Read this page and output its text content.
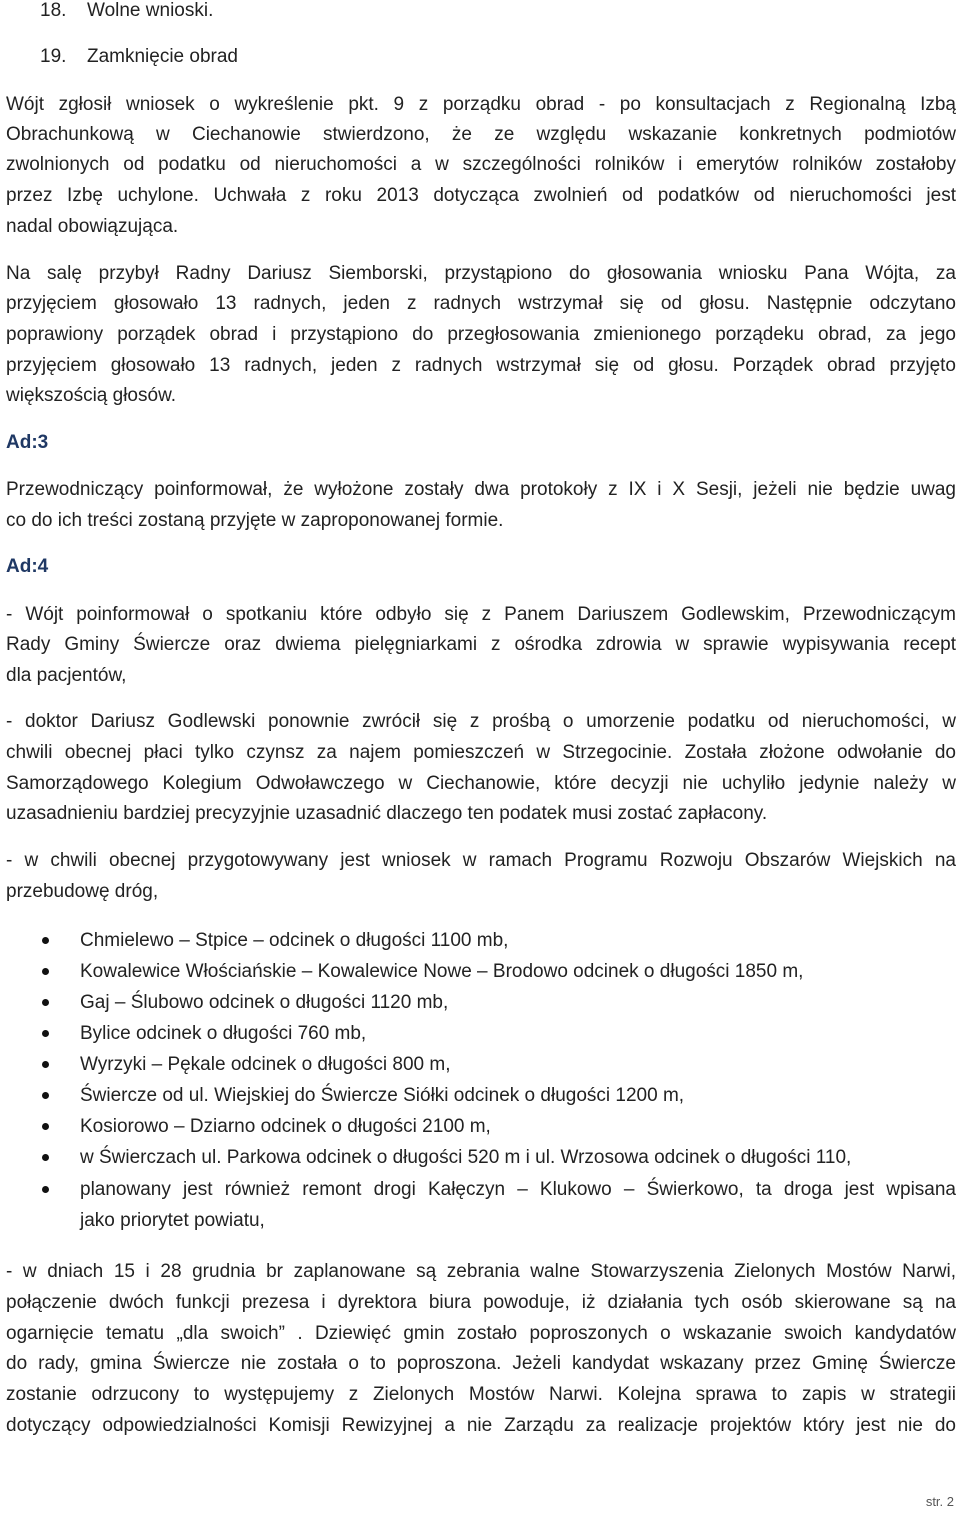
18. Wolne wnioski.
19. Zamknięcie obrad
Wójt zgłosił wniosek o wykreślenie pkt. 9 z porządku obrad - po konsultacjach z Regionalną Izbą
Obrachunkową w Ciechanowie stwierdzono, że ze względu wskazanie konkretnych podmiotów
zwolnionych od podatku od nieruchomości a w szczególności rolników i emerytów rolników zostałoby
przez Izbę uchylone. Uchwała z roku 2013 dotycząca zwolnień od podatków od nieruchomości jest
nadal obowiązująca.
Na salę przybył Radny Dariusz Siemborski, przystąpiono do głosowania wniosku Pana Wójta, za
przyjęciem głosowało 13 radnych, jeden z radnych wstrzymał się od głosu. Następnie odczytano
poprawiony porządek obrad i przystąpiono do przegłosowania zmienionego porządeku obrad, za jego
przyjęciem głosowało 13 radnych, jeden z radnych wstrzymał się od głosu. Porządek obrad przyjęto
większością głosów.
Ad:3
Przewodniczący poinformował, że wyłożone zostały dwa protokoły z IX i X Sesji, jeżeli nie będzie uwag
co do ich treści zostaną przyjęte w zaproponowanej formie.
Ad:4
- Wójt poinformował o spotkaniu które odbyło się z Panem Dariuszem Godlewskim, Przewodniczącym
Rady Gminy Świercze oraz dwiema pielęgniarkami z ośrodka zdrowia w sprawie wypisywania recept
dla pacjentów,
- doktor Dariusz Godlewski ponownie zwrócił się z prośbą o umorzenie podatku od nieruchomości, w
chwili obecnej płaci tylko czynsz za najem pomieszczeń w Strzegocinie. Została złożone odwołanie do
Samorządowego Kolegium Odwoławczego w Ciechanowie, które decyzji nie uchyliło jedynie należy w
uzasadnieniu bardziej precyzyjnie uzasadnić dlaczego ten podatek musi zostać zapłacony.
- w chwili obecnej przygotowywany jest wniosek w ramach Programu Rozwoju Obszarów Wiejskich na
przebudowę dróg,
Chmielewo – Stpice – odcinek o długości 1100 mb,
Kowalewice Włościańskie – Kowalewice Nowe – Brodowo odcinek o długości 1850 m,
Gaj – Ślubowo odcinek o długości 1120 mb,
Bylice odcinek o długości 760 mb,
Wyrzyki – Pękale odcinek o długości 800 m,
Świercze od ul. Wiejskiej do Świercze Siółki odcinek o długości 1200 m,
Kosiorowo – Dziarno odcinek o długości 2100 m,
w Świerczach ul. Parkowa odcinek o długości 520 m i ul. Wrzosowa odcinek o długości 110,
planowany jest również remont drogi Kałęczyn – Klukowo – Świerkowo, ta droga jest wpisana
jako priorytet powiatu,
- w dniach 15 i 28 grudnia br zaplanowane są zebrania walne Stowarzyszenia Zielonych Mostów Narwi,
połączenie dwóch funkcji prezesa i dyrektora biura powoduje, iż działania tych osób skierowane są na
ogarnięcie tematu „dla swoich” . Dziewięć gmin zostało poproszonych o wskazanie swoich kandydatów
do rady, gmina Świercze nie została o to poproszona. Jeżeli kandydat wskazany przez Gminę Świercze
zostanie odrzucony to występujemy z Zielonych Mostów Narwi. Kolejna sprawa to zapis w strategii
dotyczący odpowiedzialności Komisji Rewizyjnej a nie Zarządu za realizacje projektów który jest nie do
str. 2
